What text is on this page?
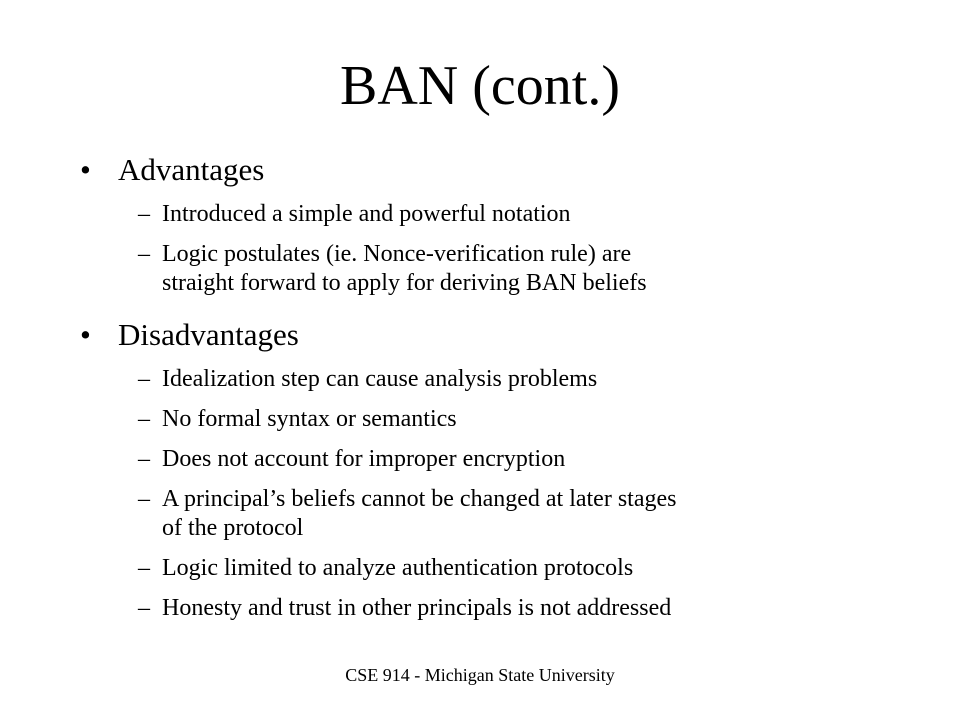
BAN (cont.)
• Advantages
– Introduced a simple and powerful notation
– Logic postulates (ie. Nonce-verification rule) are
straight forward to apply for deriving BAN beliefs
• Disadvantages
– Idealization step can cause analysis problems
– No formal syntax or semantics
– Does not account for improper encryption
– A principal’s beliefs cannot be changed at later stages
of the protocol
– Logic limited to analyze authentication protocols
– Honesty and trust in other principals is not addressed
CSE 914 - Michigan State University
